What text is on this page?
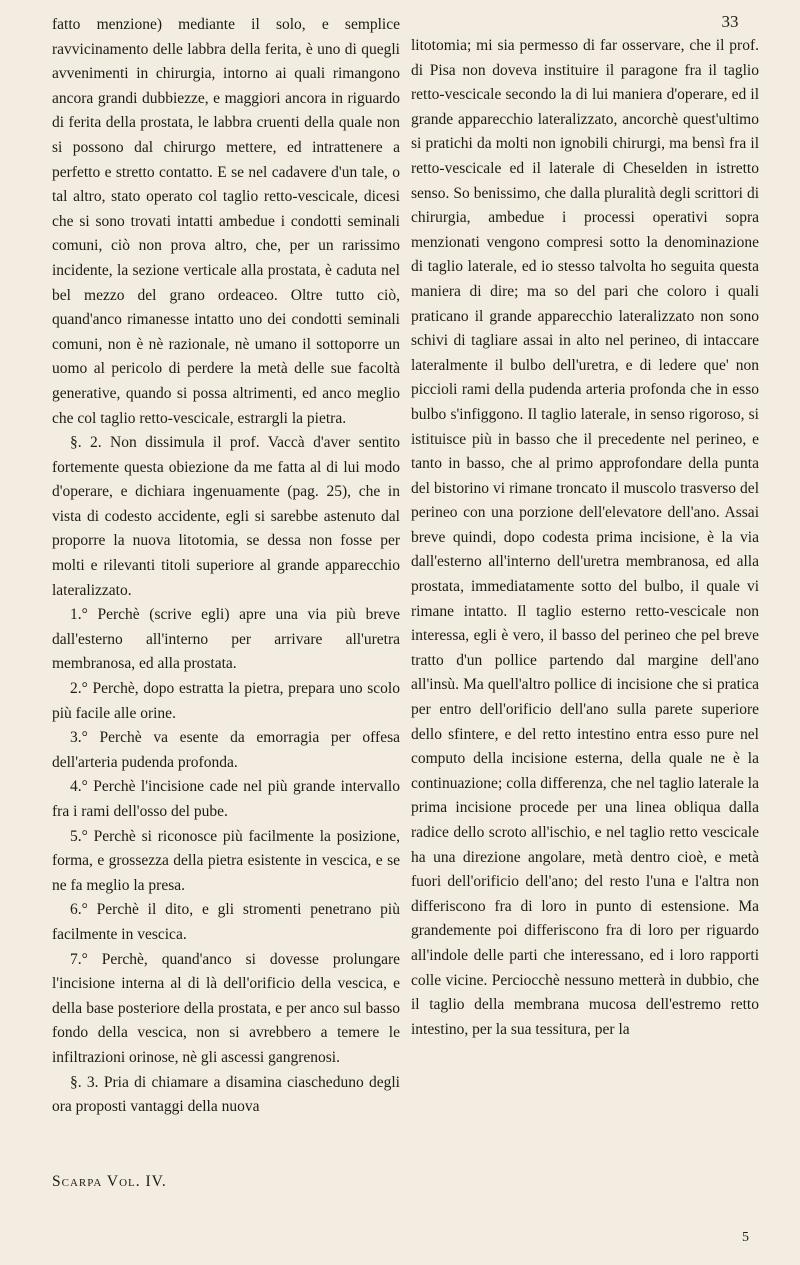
33

fatto menzione) mediante il solo, e semplice ravvicinamento delle labbra della ferita, è uno di quegli avvenimenti in chirurgia, intorno ai quali rimangono ancora grandi dubbiezze, e maggiori ancora in riguardo di ferita della prostata, le labbra cruenti della quale non si possono dal chirurgo mettere, ed intrattenere a perfetto e stretto contatto. E se nel cadavere d'un tale, o tal altro, stato operato col taglio retto-vescicale, dicesi che si sono trovati intatti ambedue i condotti seminali comuni, ciò non prova altro, che, per un rarissimo incidente, la sezione verticale alla prostata, è caduta nel bel mezzo del grano ordeaceo. Oltre tutto ciò, quand'anco rimanesse intatto uno dei condotti seminali comuni, non è nè razionale, nè umano il sottoporre un uomo al pericolo di perdere la metà delle sue facoltà generative, quando si possa altrimenti, ed anco meglio che col taglio retto-vescicale, estrargli la pietra.

§. 2. Non dissimula il prof. Vaccà d'aver sentito fortemente questa obiezione da me fatta al di lui modo d'operare, e dichiara ingenuamente (pag. 25), che in vista di codesto accidente, egli si sarebbe astenuto dal proporre la nuova litotomia, se dessa non fosse per molti e rilevanti titoli superiore al grande apparecchio lateralizzato.

1.° Perchè (scrive egli) apre una via più breve dall'esterno all'interno per arrivare all'uretra membranosa, ed alla prostata.

2.° Perchè, dopo estratta la pietra, prepara uno scolo più facile alle orine.

3.° Perchè va esente da emorragia per offesa dell'arteria pudenda profonda.

4.° Perchè l'incisione cade nel più grande intervallo fra i rami dell'osso del pube.

5.° Perchè si riconosce più facilmente la posizione, forma, e grossezza della pietra esistente in vescica, e se ne fa meglio la presa.

6.° Perchè il dito, e gli stromenti penetrano più facilmente in vescica.

7.° Perchè, quand'anco si dovesse prolungare l'incisione interna al di là dell'orificio della vescica, e della base posteriore della prostata, e per anco sul basso fondo della vescica, non si avrebbero a temere le infiltrazioni orinose, nè gli ascessi gangrenosi.

§. 3. Pria di chiamare a disamina ciascheduno degli ora proposti vantaggi della nuova

litotomia; mi sia permesso di far osservare, che il prof. di Pisa non doveva instituire il paragone fra il taglio retto-vescicale secondo la di lui maniera d'operare, ed il grande apparecchio lateralizzato, ancorchè quest'ultimo si pratichi da molti non ignobili chirurgi, ma bensì fra il retto-vescicale ed il laterale di Cheselden in istretto senso. So benissimo, che dalla pluralità degli scrittori di chirurgia, ambedue i processi operativi sopra menzionati vengono compresi sotto la denominazione di taglio laterale, ed io stesso talvolta ho seguita questa maniera di dire; ma so del pari che coloro i quali praticano il grande apparecchio lateralizzato non sono schivi di tagliare assai in alto nel perineo, di intaccare lateralmente il bulbo dell'uretra, e di ledere que' non piccioli rami della pudenda arteria profonda che in esso bulbo s'infiggono. Il taglio laterale, in senso rigoroso, si istituisce più in basso che il precedente nel perineo, e tanto in basso, che al primo approfondare della punta del bistorino vi rimane troncato il muscolo trasverso del perineo con una porzione dell'elevatore dell'ano. Assai breve quindi, dopo codesta prima incisione, è la via dall'esterno all'interno dell'uretra membranosa, ed alla prostata, immediatamente sotto del bulbo, il quale vi rimane intatto. Il taglio esterno retto-vescicale non interessa, egli è vero, il basso del perineo che pel breve tratto d'un pollice partendo dal margine dell'ano all'insù. Ma quell'altro pollice di incisione che si pratica per entro dell'orificio dell'ano sulla parete superiore dello sfintere, e del retto intestino entra esso pure nel computo della incisione esterna, della quale ne è la continuazione; colla differenza, che nel taglio laterale la prima incisione procede per una linea obliqua dalla radice dello scroto all'ischio, e nel taglio retto vescicale ha una direzione angolare, metà dentro cioè, e metà fuori dell'orificio dell'ano; del resto l'una e l'altra non differiscono fra di loro in punto di estensione. Ma grandemente poi differiscono fra di loro per riguardo all'indole delle parti che interessano, ed i loro rapporti colle vicine. Perciocchè nessuno metterà in dubbio, che il taglio della membrana mucosa dell'estremo retto intestino, per la sua tessitura, per la

Scarpa Vol. IV.
5
